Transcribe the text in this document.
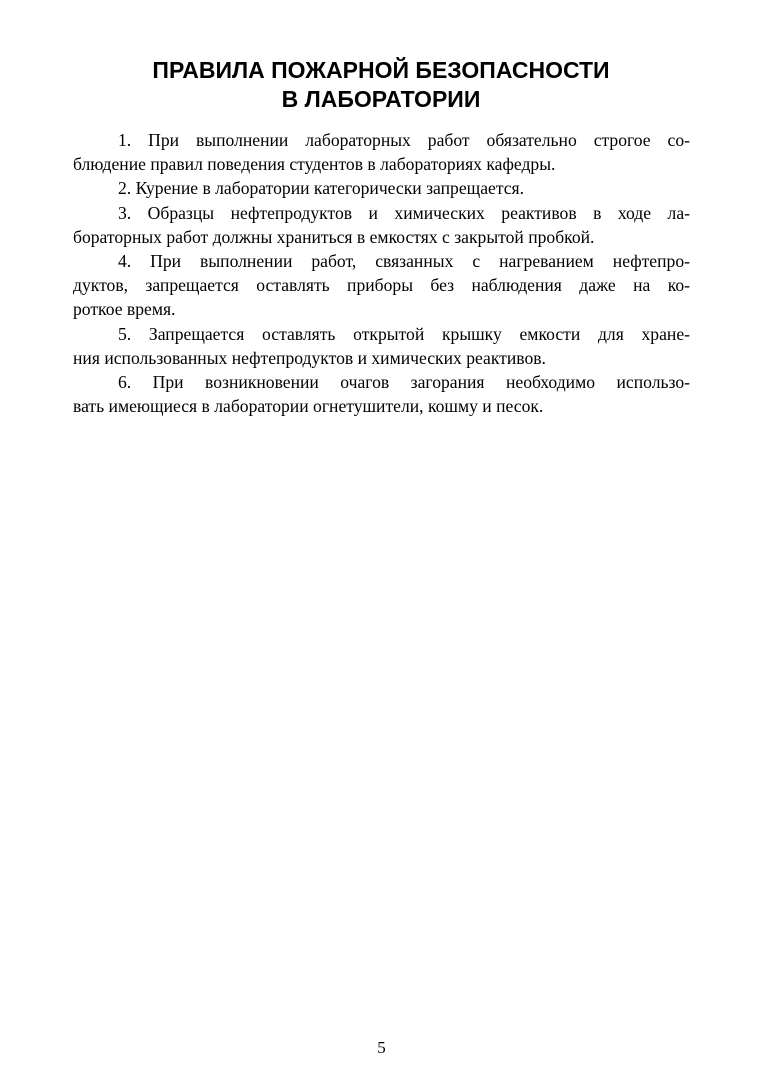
ПРАВИЛА ПОЖАРНОЙ БЕЗОПАСНОСТИ
В ЛАБОРАТОРИИ
1. При выполнении лабораторных работ обязательно строгое со-
блюдение правил поведения студентов в лабораториях кафедры.
2. Курение в лаборатории категорически запрещается.
3. Образцы нефтепродуктов и химических реактивов в ходе ла-
бораторных работ должны храниться в емкостях с закрытой пробкой.
4. При выполнении работ, связанных с нагреванием нефтепро-
дуктов, запрещается оставлять приборы без наблюдения даже на ко-
роткое время.
5. Запрещается оставлять открытой крышку емкости для хране-
ния использованных нефтепродуктов и химических реактивов.
6. При возникновении очагов загорания необходимо использо-
вать имеющиеся в лаборатории огнетушители, кошму и песок.
5
